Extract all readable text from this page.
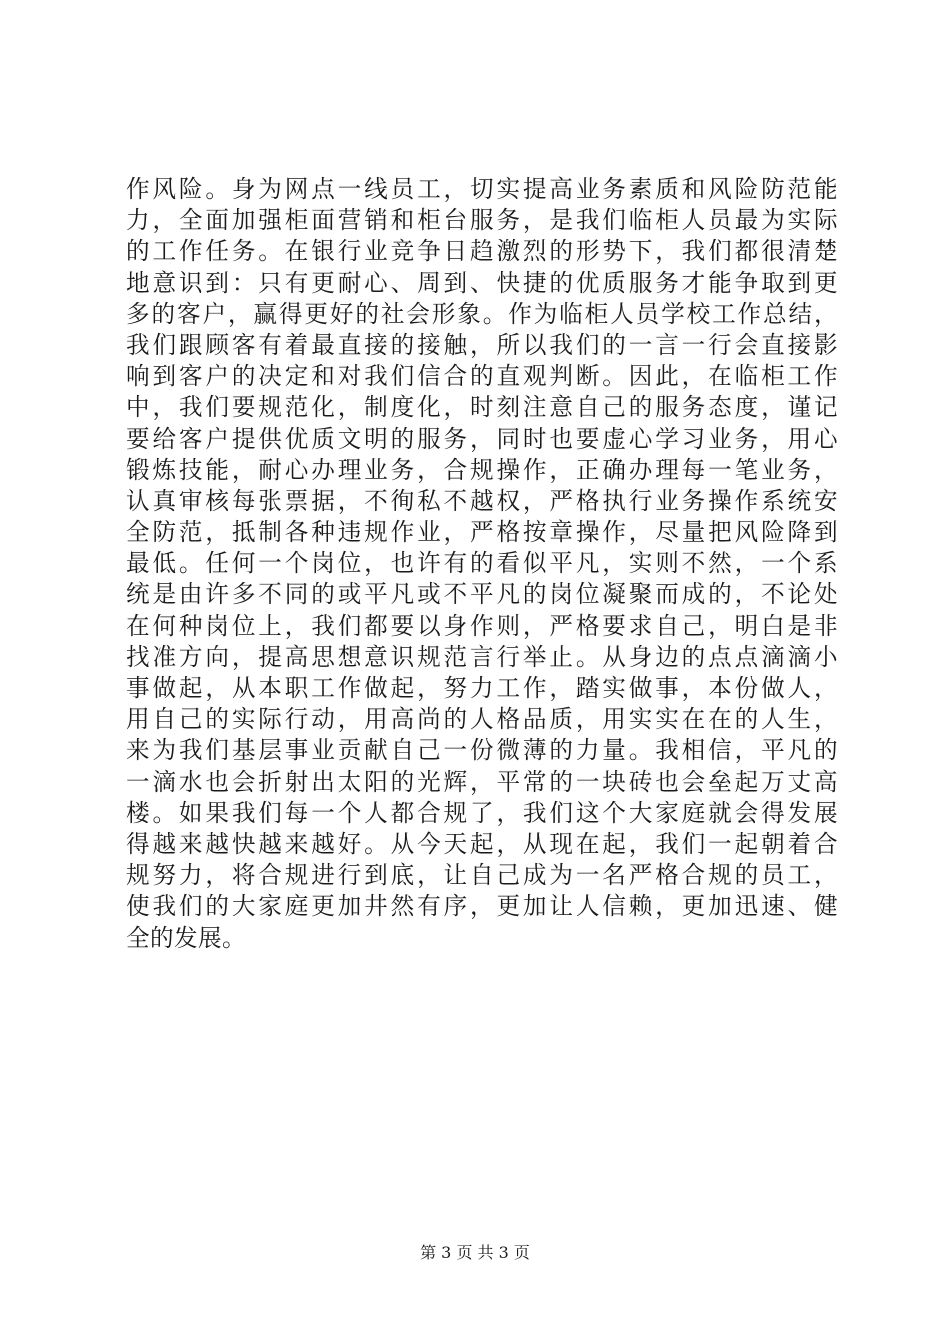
作风险。身为网点一线员工，切实提高业务素质和风险防范能
力，全面加强柜面营销和柜台服务，是我们临柜人员最为实际
的工作任务。在银行业竞争日趋激烈的形势下，我们都很清楚
地意识到：只有更耐心、周到、快捷的优质服务才能争取到更
多的客户，赢得更好的社会形象。作为临柜人员学校工作总结，
我们跟顾客有着最直接的接触，所以我们的一言一行会直接影
响到客户的决定和对我们信合的直观判断。因此，在临柜工作
中，我们要规范化，制度化，时刻注意自己的服务态度，谨记
要给客户提供优质文明的服务，同时也要虚心学习业务，用心
锻炼技能，耐心办理业务，合规操作，正确办理每一笔业务，
认真审核每张票据，不徇私不越权，严格执行业务操作系统安
全防范，抵制各种违规作业，严格按章操作，尽量把风险降到
最低。任何一个岗位，也许有的看似平凡，实则不然，一个系
统是由许多不同的或平凡或不平凡的岗位凝聚而成的，不论处
在何种岗位上，我们都要以身作则，严格要求自己，明白是非
找准方向，提高思想意识规范言行举止。从身边的点点滴滴小
事做起，从本职工作做起，努力工作，踏实做事，本份做人，
用自己的实际行动，用高尚的人格品质，用实实在在的人生，
来为我们基层事业贡献自己一份微薄的力量。我相信，平凡的
一滴水也会折射出太阳的光辉，平常的一块砖也会垒起万丈高
楼。如果我们每一个人都合规了，我们这个大家庭就会得发展
得越来越快越来越好。从今天起，从现在起，我们一起朝着合
规努力，将合规进行到底，让自己成为一名严格合规的员工，
使我们的大家庭更加井然有序，更加让人信赖，更加迅速、健
全的发展。
第 3 页 共 3 页
